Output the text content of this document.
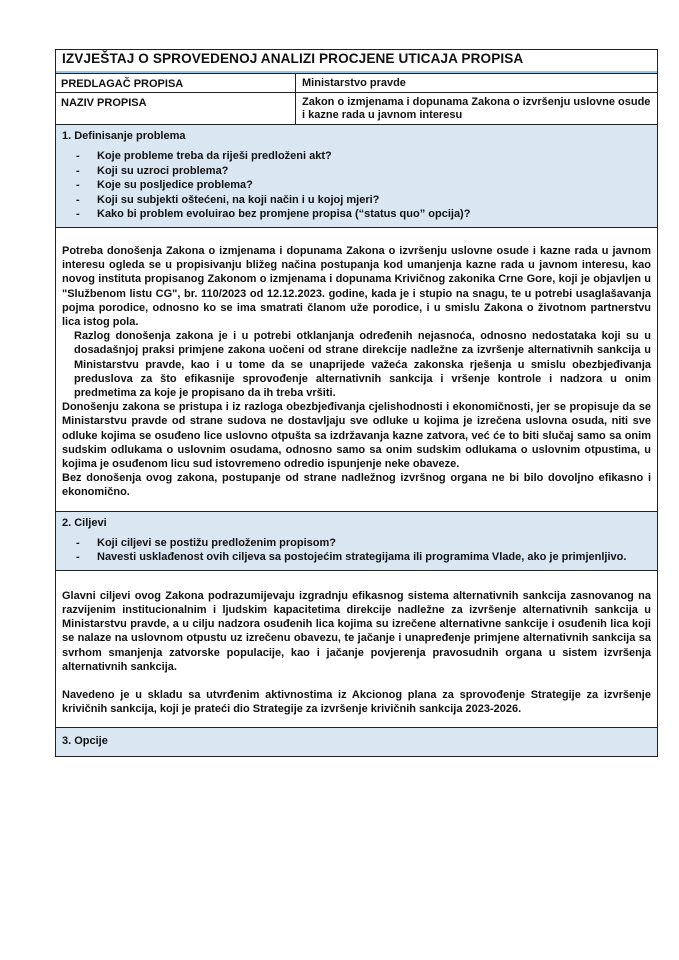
IZVJEŠTAJ O SPROVEDENOJ ANALIZI PROCJENE UTICAJA PROPISA
PREDLAGAČ PROPISA	Ministarstvo pravde
NAZIV PROPISA	Zakon o izmjenama i dopunama Zakona o izvršenju uslovne osude i kazne rada u javnom interesu
1. Definisanje problema
- Koje probleme treba da riješi predloženi akt?
- Koji su uzroci problema?
- Koje su posljedice problema?
- Koji su subjekti oštećeni, na koji način i u kojoj mjeri?
- Kako bi problem evoluirao bez promjene propisa (“status quo” opcija)?

Potreba donošenja Zakona o izmjenama i dopunama Zakona o izvršenju uslovne osude i kazne rada u javnom interesu ogleda se u propisivanju bližeg načina postupanja kod umanjenja kazne rada u javnom interesu, kao novog instituta propisanog Zakonom o izmjenama i dopunama Krivičnog zakonika Crne Gore, koji je objavljen u "Službenom listu CG", br. 110/2023 od 12.12.2023. godine, kada je i stupio na snagu, te u potrebi usaglašavanja pojma porodice, odnosno ko se ima smatrati članom uže porodice, i u smislu Zakona o životnom partnerstvu lica istog pola.

Razlog donošenja zakona je i u potrebi otklanjanja određenih nejasnoća, odnosno nedostataka koji su u dosadašnjoj praksi primjene zakona uočeni od strane direkcije nadležne za izvršenje alternativnih sankcija u Ministarstvu pravde, kao i u tome da se unaprijede važeća zakonska rješenja u smislu obezbjeđivanja preduslova za što efikasnije sprovođenje alternativnih sankcija i vršenje kontrole i nadzora u onim predmetima za koje je propisano da ih treba vršiti.

Donošenju zakona se pristupa i iz razloga obezbjeđivanja cjelishodnosti i ekonomičnosti, jer se propisuje da se Ministarstvu pravde od strane sudova ne dostavljaju sve odluke u kojima je izrečena uslovna osuda, niti sve odluke kojima se osuđeno lice uslovno otpušta sa izdržavanja kazne zatvora, već će to biti slučaj samo sa onim sudskim odlukama o uslovnim osudama, odnosno samo sa onim sudskim odlukama o uslovnim otpustima, u kojima je osuđenom licu sud istovremeno odredio ispunjenje neke obaveze.

Bez donošenja ovog zakona, postupanje od strane nadležnog izvršnog organa ne bi bilo dovoljno efikasno i ekonomično.

2. Ciljevi
- Koji ciljevi se postižu predloženim propisom?
- Navesti usklađenost ovih ciljeva sa postojećim strategijama ili programima Vlade, ako je primjenljivo.

Glavni ciljevi ovog Zakona podrazumijevaju izgradnju efikasnog sistema alternativnih sankcija zasnovanog na razvijenim institucionalnim i ljudskim kapacitetima direkcije nadležne za izvršenje alternativnih sankcija u Ministarstvu pravde, a u cilju nadzora osuđenih lica kojima su izrečene alternativne sankcije i osuđenih lica koji se nalaze na uslovnom otpustu uz izrečenu obavezu, te jačanje i unapređenje primjene alternativnih sankcija sa svrhom smanjenja zatvorske populacije, kao i jačanje povjerenja pravosudnih organa u sistem izvršenja alternativnih sankcija.

Navedeno je u skladu sa utvrđenim aktivnostima iz Akcionog plana za sprovođenje Strategije za izvršenje krivičnih sankcija, koji je prateći dio Strategije za izvršenje krivičnih sankcija 2023-2026.

3. Opcije
